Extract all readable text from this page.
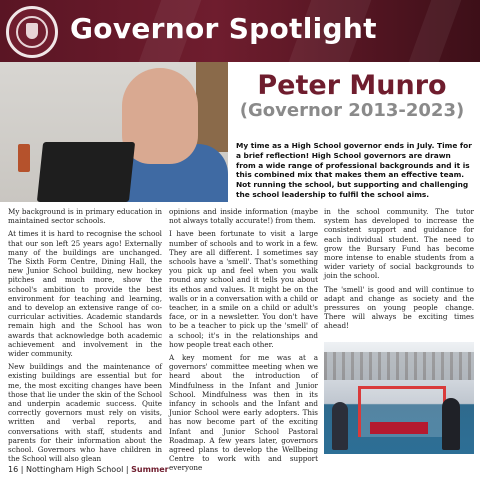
Governor Spotlight
Peter Munro
(Governor 2013-2023)
My time as a High School governor ends in July. Time for a brief reflection! High School governors are drawn from a wide range of professional backgrounds and it is this combined mix that makes them an effective team. Not running the school, but supporting and challenging the school leadership to fulfil the school aims.

My background is in primary education in maintained sector schools.

At times it is hard to recognise the school that our son left 25 years ago! Externally many of the buildings are unchanged. The Sixth Form Centre, Dining Hall, the new Junior School building, new hockey pitches and much more, show the school's ambition to provide the best environment for teaching and learning, and to develop an extensive range of co-curricular activities. Academic standards remain high and the School has won awards that acknowledge both academic achievement and involvement in the wider community.

New buildings and the maintenance of existing buildings are essential but for me, the most exciting changes have been those that lie under the skin of the School and underpin academic success. Quite correctly governors must rely on visits, written and verbal reports, and conversations with staff, students and parents for their information about the school. Governors who have children in the School will also glean

opinions and inside information (maybe not always totally accurate!) from them.

I have been fortunate to visit a large number of schools and to work in a few. They are all different. I sometimes say schools have a 'smell'. That's something you pick up and feel when you walk round any school and it tells you about its ethos and values. It might be on the walls or in a conversation with a child or teacher, in a smile on a child or adult's face, or in a newsletter. You don't have to be a teacher to pick up the 'smell' of a school; it's in the relationships and how people treat each other.

A key moment for me was at a governors' committee meeting when we heard about the introduction of Mindfulness in the Infant and Junior School. Mindfulness was then in its infancy in schools and the Infant and Junior School were early adopters. This has now become part of the exciting Infant and Junior School Pastoral Roadmap. A few years later, governors agreed plans to develop the Wellbeing Centre to work with and support everyone

in the school community. The tutor system has developed to increase the consistent support and guidance for each individual student. The need to grow the Bursary Fund has become more intense to enable students from a wider variety of social backgrounds to join the school.

The 'smell' is good and will continue to adapt and change as society and the pressures on young people change. There will always be exciting times ahead!

16 | Nottingham High School | Summer
